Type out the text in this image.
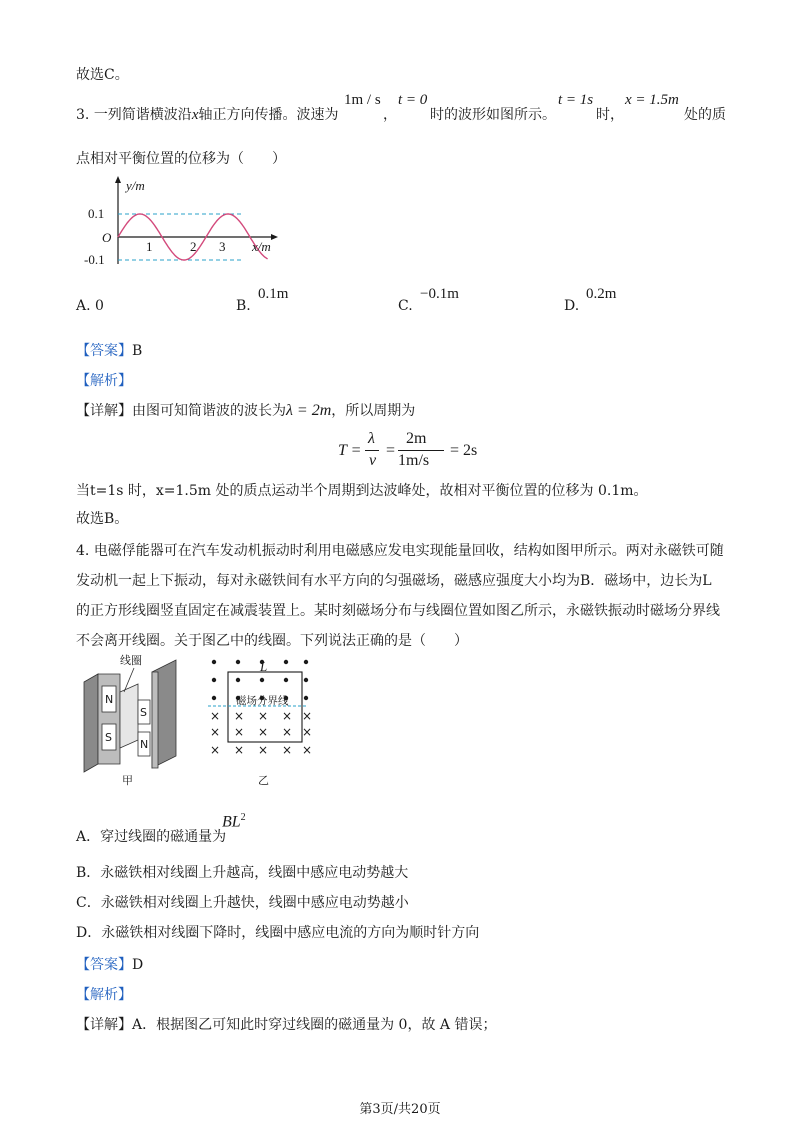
故选C。
3. 一列简谐横波沿x轴正方向传播。波速为
1m / s
，
t = 0
时的波形如图所示。
t = 1s
时，
x = 1.5m
处的质
点相对平衡位置的位移为（　　）
y/m
0.1
-0.1
O
1	2 3 x/m
A. 0	B.
0.1m
C.
−0.1m
D.
0.2m
【答案】B
【解析】
【详解】由图可知简谐波的波长为λ = 2m，所以周期为
T =
λ
v
=
2m
1m/s
= 2s
当t=1s 时，x=1.5m 处的质点运动半个周期到达波峰处，故相对平衡位置的位移为 0.1m。
故选B。
4. 电磁俘能器可在汽车发动机振动时利用电磁感应发电实现能量回收，结构如图甲所示。两对永磁铁可随
发动机一起上下振动，每对永磁铁间有水平方向的匀强磁场，磁感应强度大小均为B．磁场中，边长为L
的正方形线圈竖直固定在减震装置上。某时刻磁场分布与线圈位置如图乙所示，永磁铁振动时磁场分界线
不会离开线圈。关于图乙中的线圈。下列说法正确的是（　　）
线圈
N
S
S
N
甲
× × × × ×
× × × × ×
× × × × ×
L
磁场分界线
乙
A．穿过线圈的磁通量为
$BL^2$
B．永磁铁相对线圈上升越高，线圈中感应电动势越大
C．永磁铁相对线圈上升越快，线圈中感应电动势越小
D．永磁铁相对线圈下降时，线圈中感应电流的方向为顺时针方向
【答案】D
【解析】
【详解】A．根据图乙可知此时穿过线圈的磁通量为 0，故 A 错误；
第3页/共20页
